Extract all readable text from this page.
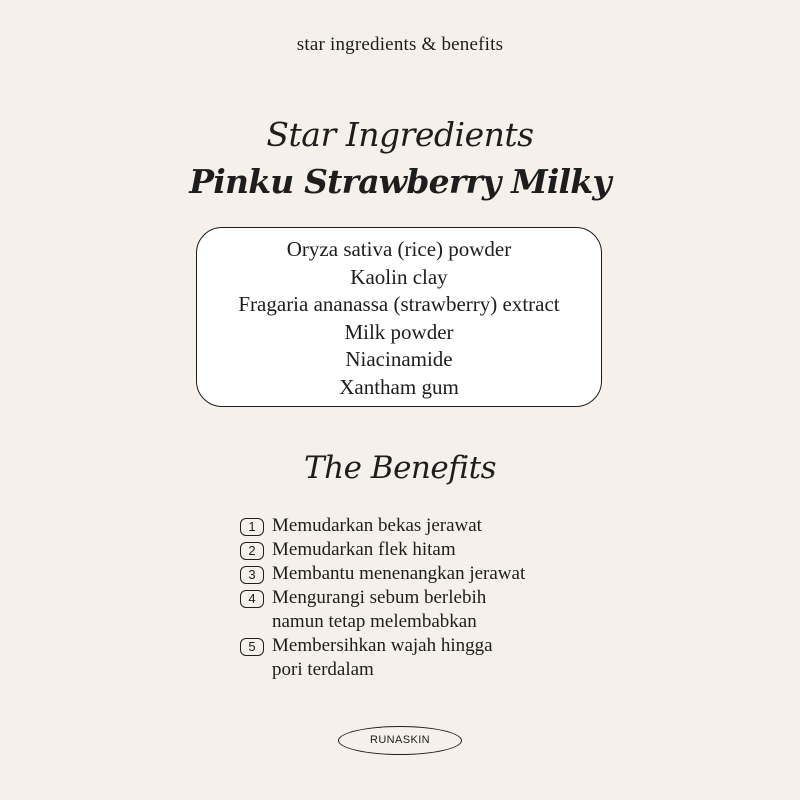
star ingredients & benefits
Star Ingredients
Pinku Strawberry Milky
Oryza sativa (rice) powder
Kaolin clay
Fragaria ananassa (strawberry) extract
Milk powder
Niacinamide
Xantham gum
The Benefits
1 Memudarkan bekas jerawat
2 Memudarkan flek hitam
3 Membantu menenangkan jerawat
4 Mengurangi sebum berlebih
namun tetap melembabkan
5 Membersihkan wajah hingga
pori terdalam
RUNASKIN
